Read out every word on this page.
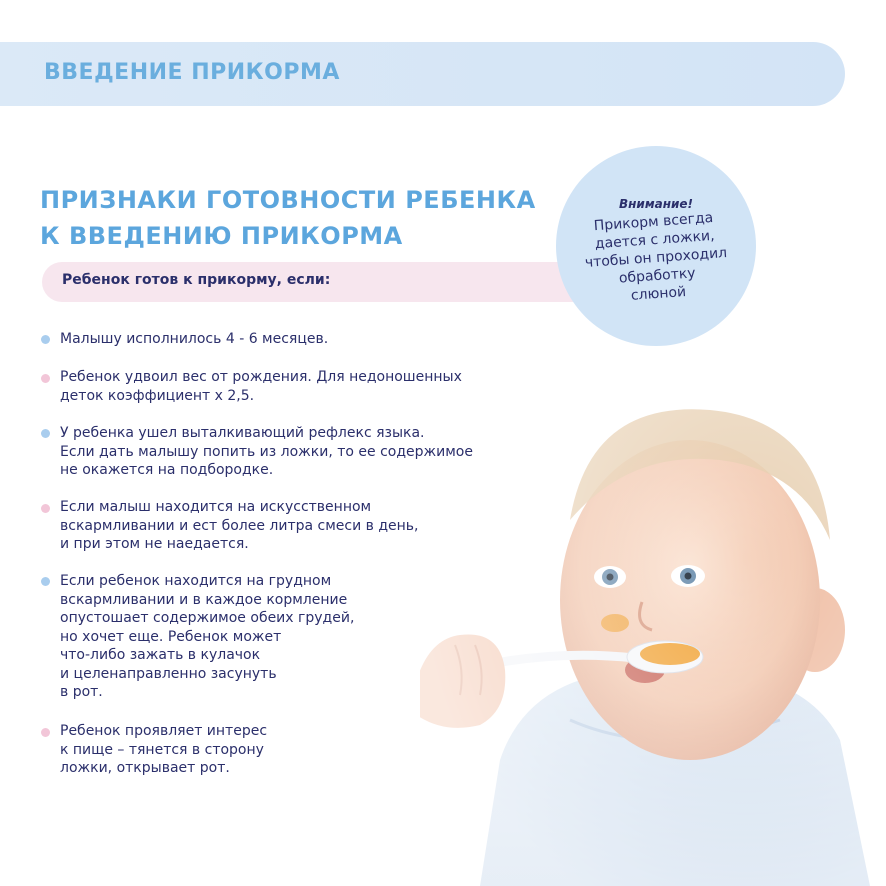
ВВЕДЕНИЕ ПРИКОРМА
ПРИЗНАКИ ГОТОВНОСТИ РЕБЕНКА
К ВВЕДЕНИЮ ПРИКОРМА
Ребенок готов к прикорму, если:
Внимание!
Прикорм всегда
дается с ложки,
чтобы он проходил
обработку
слюной
Малышу исполнилось 4 - 6 месяцев.
Ребенок удвоил вес от рождения. Для недоношенных
деток коэффициент х 2,5.
У ребенка ушел выталкивающий рефлекс языка.
Если дать малышу попить из ложки, то ее содержимое
не окажется на подбородке.
Если малыш находится на искусственном
вскармливании и ест более литра смеси в день,
и при этом не наедается.
Если ребенок находится на грудном
вскармливании и в каждое кормление
опустошает содержимое обеих грудей,
но хочет еще. Ребенок может
что-либо зажать в кулачок
и целенаправленно засунуть
в рот.
Ребенок проявляет интерес
к пище – тянется в сторону
ложки, открывает рот.
